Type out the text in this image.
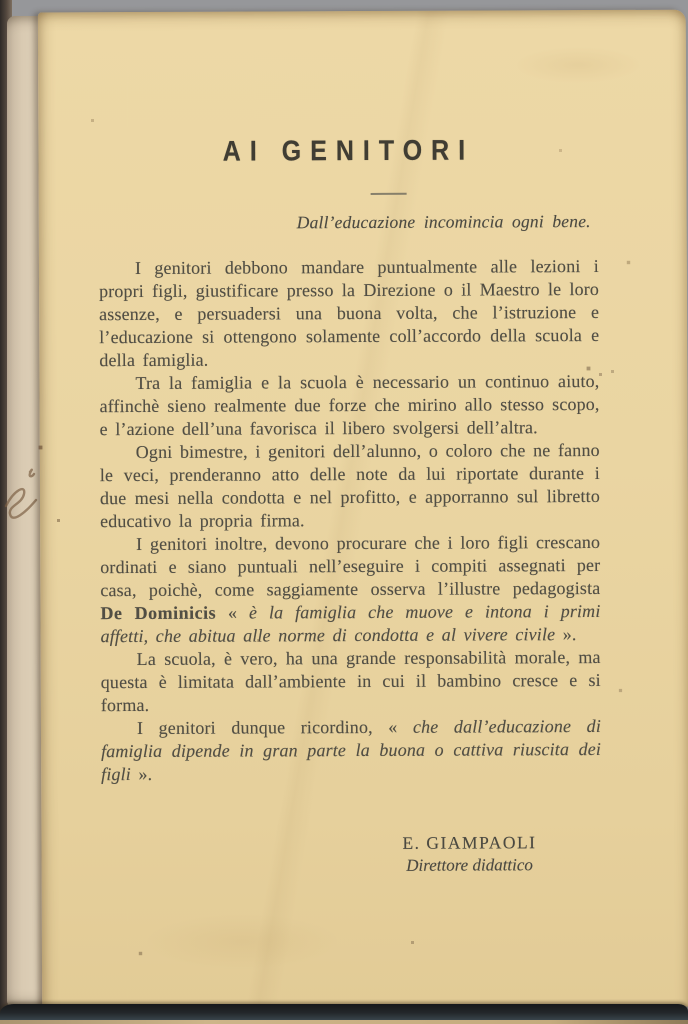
AI GENITORI
Dall’educazione incomincia ogni bene.

I genitori debbono mandare puntualmente alle lezioni i propri figli, giustificare presso la Direzione o il Maestro le loro assenze, e persuadersi una buona volta, che l’istruzione e l’educazione si ottengono solamente coll’accordo della scuola e della famiglia.

Tra la famiglia e la scuola è necessario un continuo aiuto, affinchè sieno realmente due forze che mirino allo stesso scopo, e l’azione dell’una favorisca il libero svolgersi dell’altra.

Ogni bimestre, i genitori dell’alunno, o coloro che ne fanno le veci, prenderanno atto delle note da lui riportate durante i due mesi nella condotta e nel profitto, e apporranno sul libretto educativo la propria firma.

I genitori inoltre, devono procurare che i loro figli crescano ordinati e siano puntuali nell’eseguire i compiti assegnati per casa, poichè, come saggiamente osserva l’illustre pedagogista De Dominicis « è la famiglia che muove e intona i primi affetti, che abitua alle norme di condotta e al vivere civile ».

La scuola, è vero, ha una grande responsabilità morale, ma questa è limitata dall’ambiente in cui il bambino cresce e si forma.

I genitori dunque ricordino, « che dall’educazione di famiglia dipende in gran parte la buona o cattiva riuscita dei figli ».

E. GIAMPAOLI
Direttore didattico
